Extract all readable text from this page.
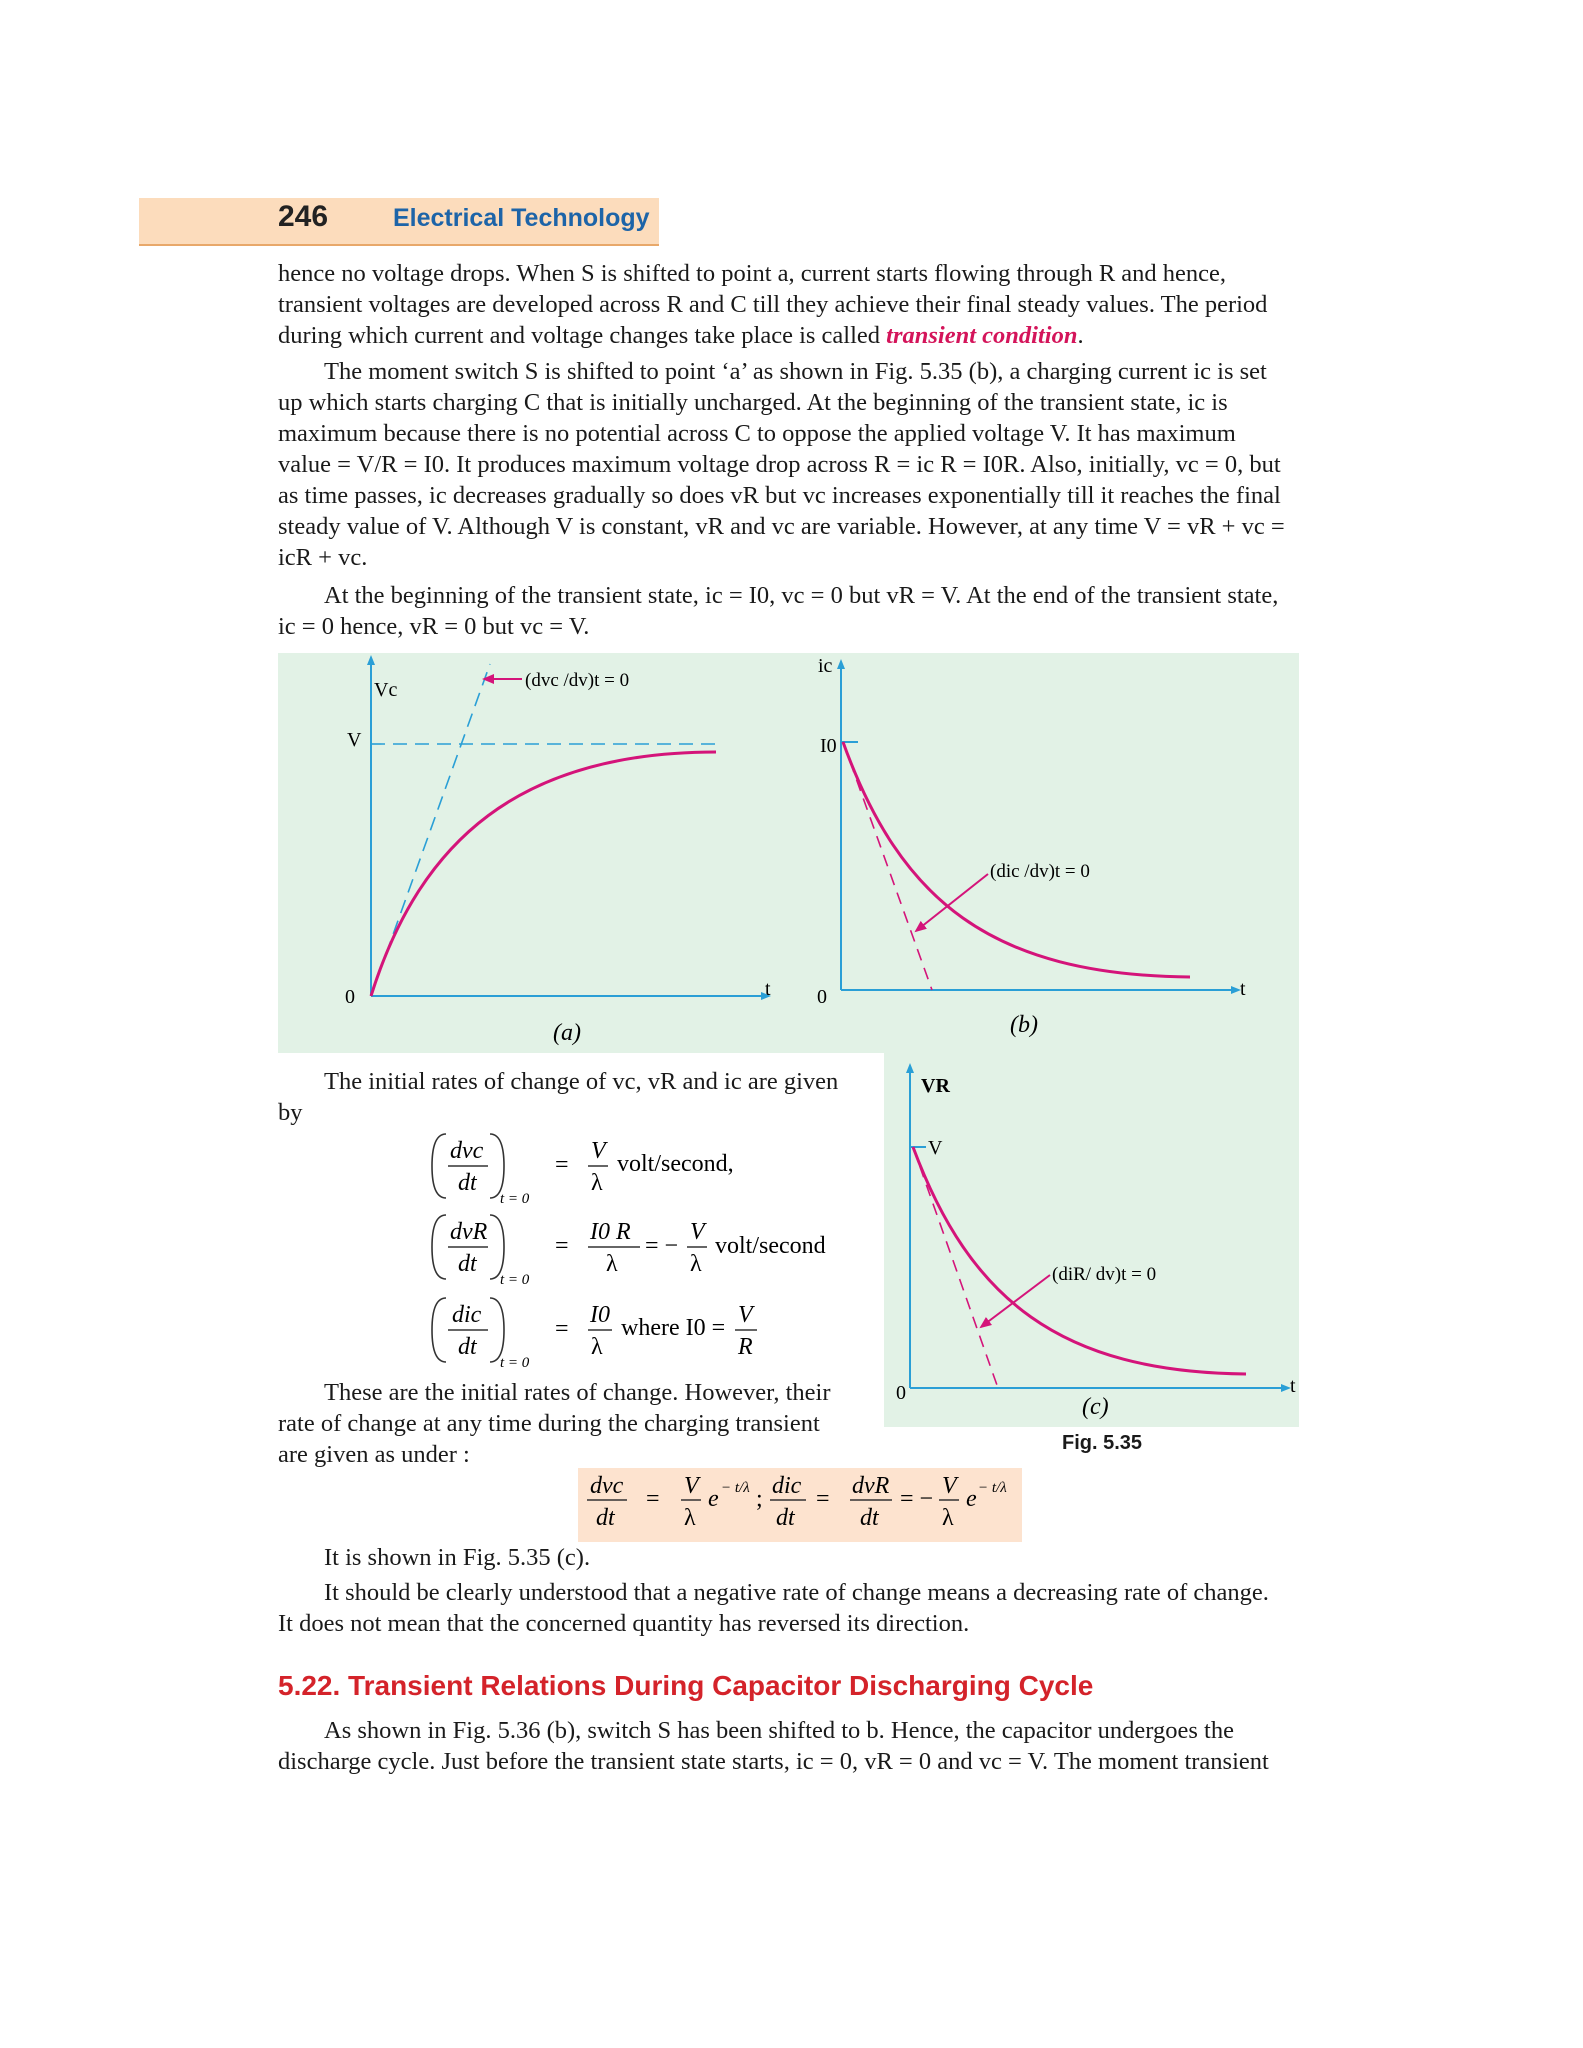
246	Electrical Technology

hence no voltage drops. When S is shifted to point a, current starts flowing through R and hence,

transient voltages are developed across R and C till they achieve their final steady values. The period

during which current and voltage changes take place is called transient condition.

The moment switch S is shifted to point ‘a’ as shown in Fig. 5.35 (b), a charging current ic is set

up which starts charging C that is initially uncharged. At the beginning of the transient state, ic is

maximum because there is no potential across C to oppose the applied voltage V. It has maximum

value = V/R = I0. It produces maximum voltage drop across R = ic R = I0R. Also, initially, vc = 0, but

as time passes, ic decreases gradually so does vR but vc increases exponentially till it reaches the final

steady value of V. Although V is constant, vR and vc are variable. However, at any time V = vR + vc =

icR + vc.

At the beginning of the transient state, ic = I0, vc = 0 but vR = V. At the end of the transient state,

ic = 0 hence, vR = 0 but vc = V.

Vc
V
0	t
(dvc /dv)t = 0
(a)
ic
I0
0	t
(dic /dv)t = 0
(b)
VR
V
0	t
(diR/ dv)t = 0
(c)
Fig. 5.35
The initial rates of change of vc, vR and ic are given
by
dvc
dt
t = 0
=
V
λ
volt/second,
dvR
dt
t = 0
=
I0 R
λ
= −
V
λ
volt/second
dic
dt
t = 0
=
I0
λ
where I0 = V
R
These are the initial rates of change. However, their
rate of change at any time during the charging transient
are given as under :
dvc
dt
= V
λ
e − t/λ ; dic
dt
= dvR
dt
= − V
λ
e − t/λ

It is shown in Fig. 5.35 (c).

It should be clearly understood that a negative rate of change means a decreasing rate of change.

It does not mean that the concerned quantity has reversed its direction.

5.22. Transient Relations During Capacitor Discharging Cycle

As shown in Fig. 5.36 (b), switch S has been shifted to b. Hence, the capacitor undergoes the

discharge cycle. Just before the transient state starts, ic = 0, vR = 0 and vc = V. The moment transient
